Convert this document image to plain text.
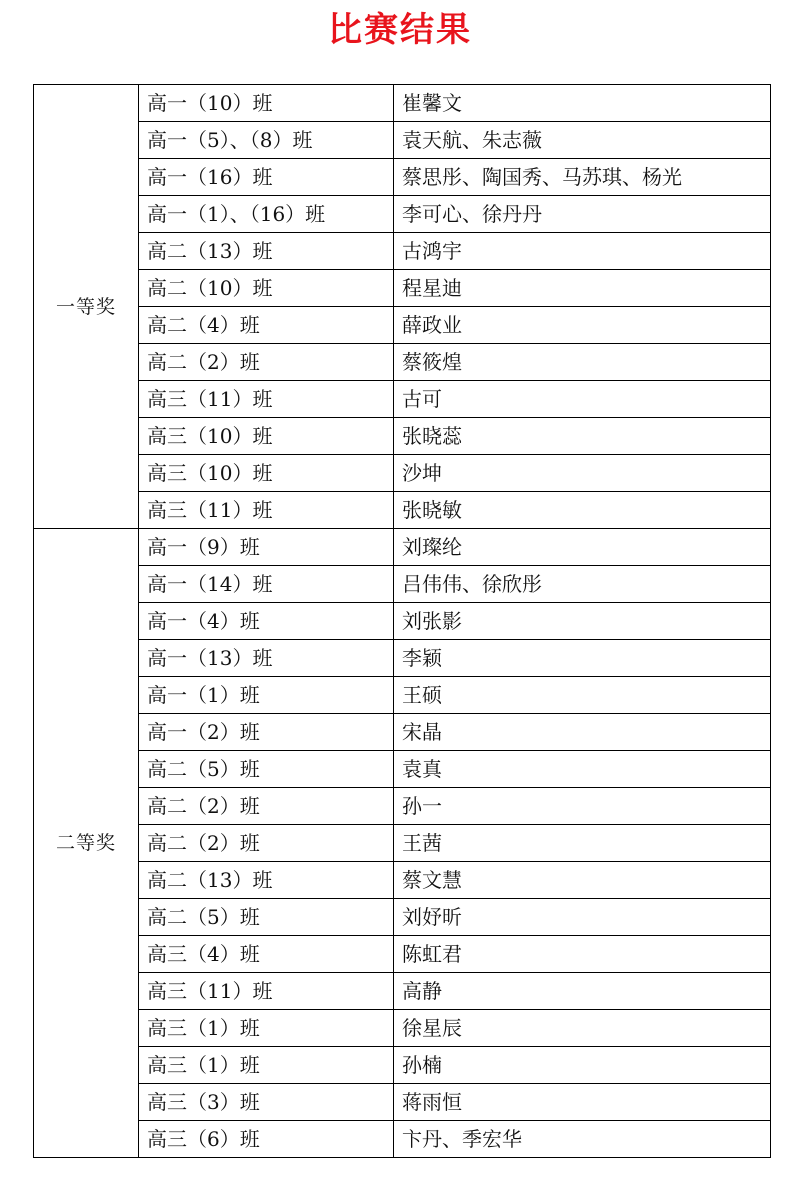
比赛结果
一等奖	高一（10）班	崔馨文
	高一（5）、（8）班	袁天航、朱志薇
	高一（16）班	蔡思彤、陶国秀、马苏琪、杨光
	高一（1）、（16）班	李可心、徐丹丹
	高二（13）班	古鸿宇
	高二（10）班	程星迪
	高二（4）班	薛政业
	高二（2）班	蔡筱煌
	高三（11）班	古可
	高三（10）班	张晓蕊
	高三（10）班	沙坤
	高三（11）班	张晓敏
二等奖	高一（9）班	刘璨纶
	高一（14）班	吕伟伟、徐欣彤
	高一（4）班	刘张影
	高一（13）班	李颖
	高一（1）班	王硕
	高一（2）班	宋晶
	高二（5）班	袁真
	高二（2）班	孙一
	高二（2）班	王茜
	高二（13）班	蔡文慧
	高二（5）班	刘妤昕
	高三（4）班	陈虹君
	高三（11）班	高静
	高三（1）班	徐星辰
	高三（1）班	孙楠
	高三（3）班	蒋雨恒
	高三（6）班	卞丹、季宏华
